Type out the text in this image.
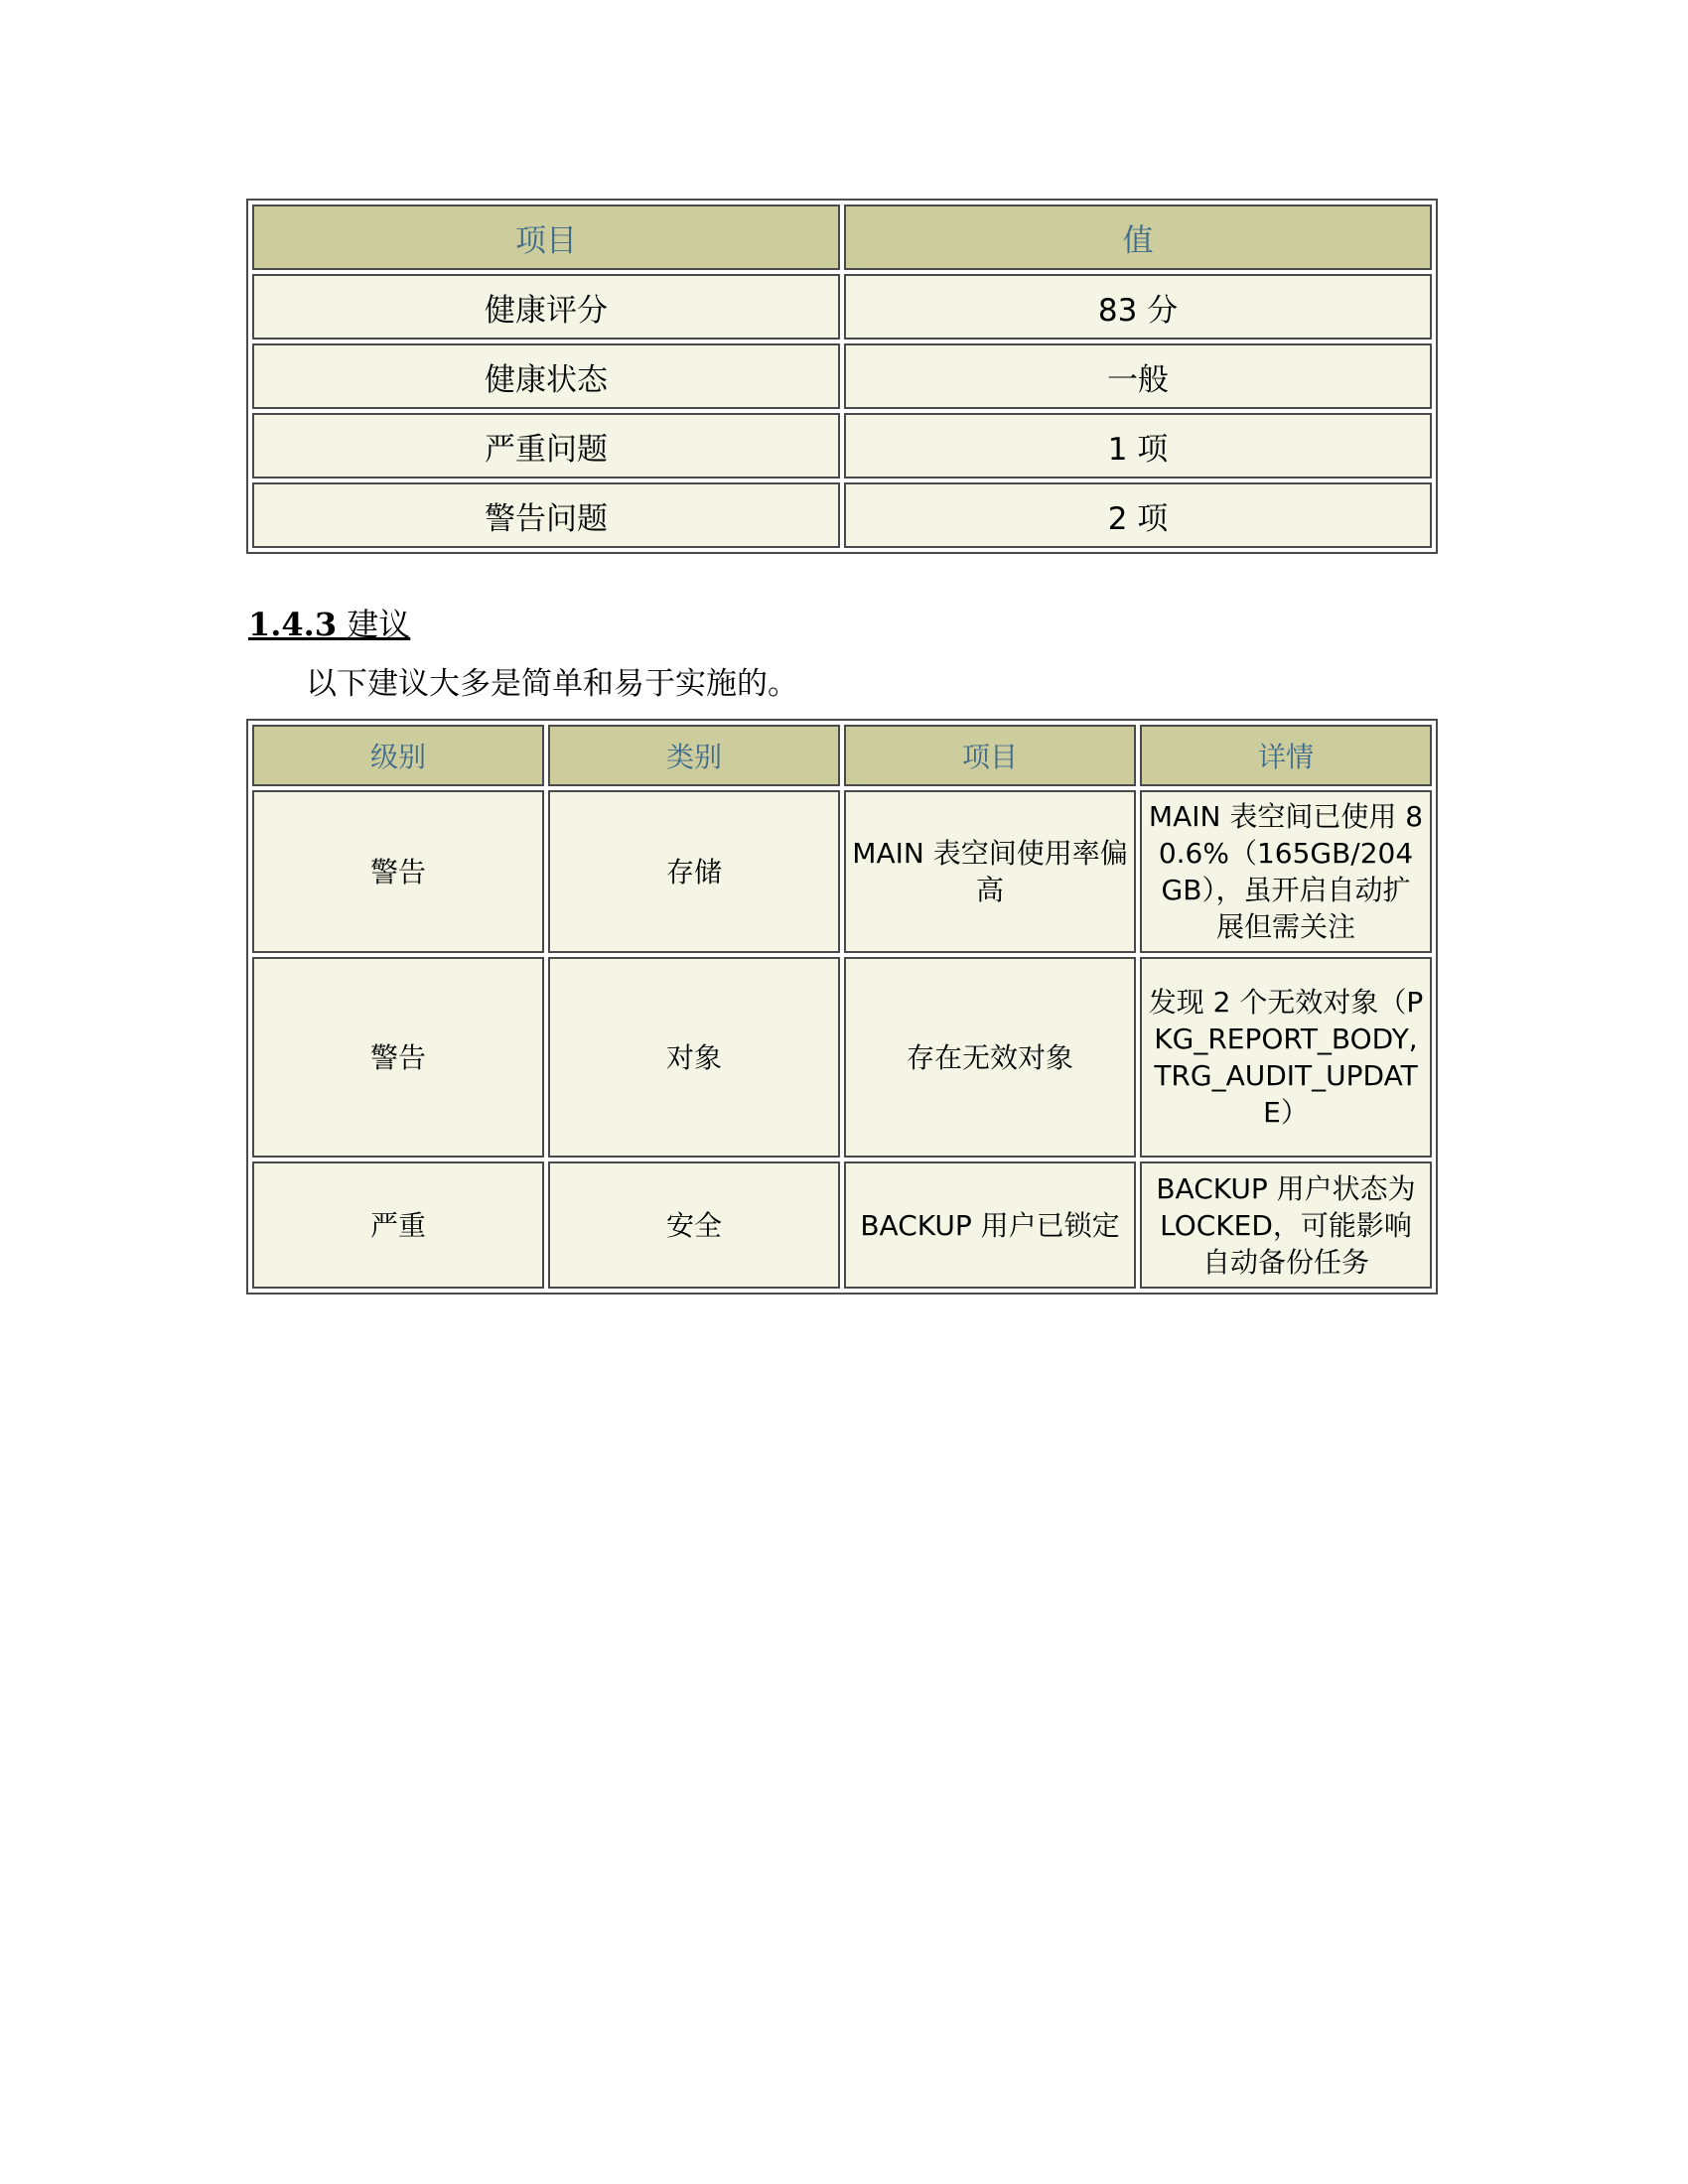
项目	值
健康评分	83 分
健康状态	一般
严重问题	1 项
警告问题	2 项
1.4.3 建议

以下建议大多是简单和易于实施的。

级别	类别	项目	详情
警告	存储	MAIN 表空间使用率偏高	MAIN 表空间已使用 80.6%（165GB/204GB），虽开启自动扩展但需关注
警告	对象	存在无效对象	发现 2 个无效对象（PKG_REPORT_BODY, TRG_AUDIT_UPDATE）
严重	安全	BACKUP 用户已锁定	BACKUP 用户状态为 LOCKED，可能影响自动备份任务
